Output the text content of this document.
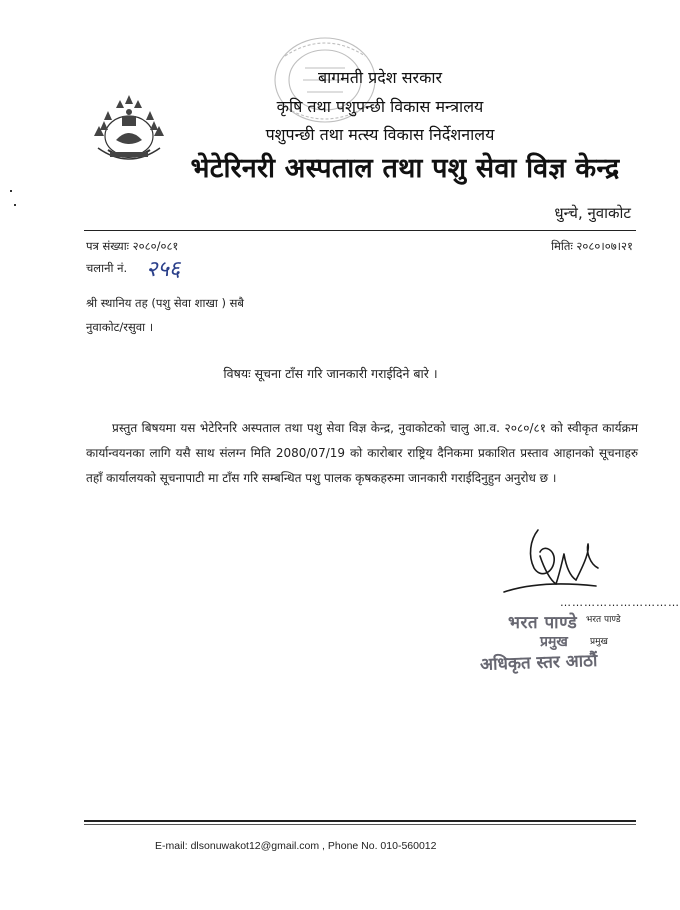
बागमती प्रदेश सरकार
कृषि तथा पशुपन्छी विकास मन्त्रालय
पशुपन्छी तथा मत्स्य विकास निर्देशनालय
भेटेरिनरी अस्पताल तथा पशु सेवा विज्ञ केन्द्र
धुन्चे, नुवाकोट
पत्र संख्याः २०८०/०८१	मितिः २०८०।०७।२१
चलानी नं. २५६
श्री स्थानिय तह (पशु सेवा शाखा ) सबै
नुवाकोट/रसुवा ।
विषयः सूचना टाँस गरि जानकारी गराईदिने बारे ।
प्रस्तुत बिषयमा यस भेटेरिनरि अस्पताल तथा पशु सेवा विज्ञ केन्द्र, नुवाकोटको चालु आ.व. २०८०/८१ को स्वीकृत कार्यक्रम कार्यान्वयनका लागि यसै साथ संलग्न मिति 2080/07/19 को कारोबार राष्ट्रिय दैनिकमा प्रकाशित प्रस्ताव आहानको सूचनाहरु तहाँ कार्यालयको सूचनापाटी मा टाँस गरि सम्बन्धित पशु पालक कृषकहरुमा जानकारी गराईदिनुहुन अनुरोध छ ।
…………………………
भरत पाण्डे
प्रमुख
अधिकृत स्तर आठौं
भरत पाण्डे
प्रमुख
E-mail: dlsonuwakot12@gmail.com , Phone No. 010-560012
